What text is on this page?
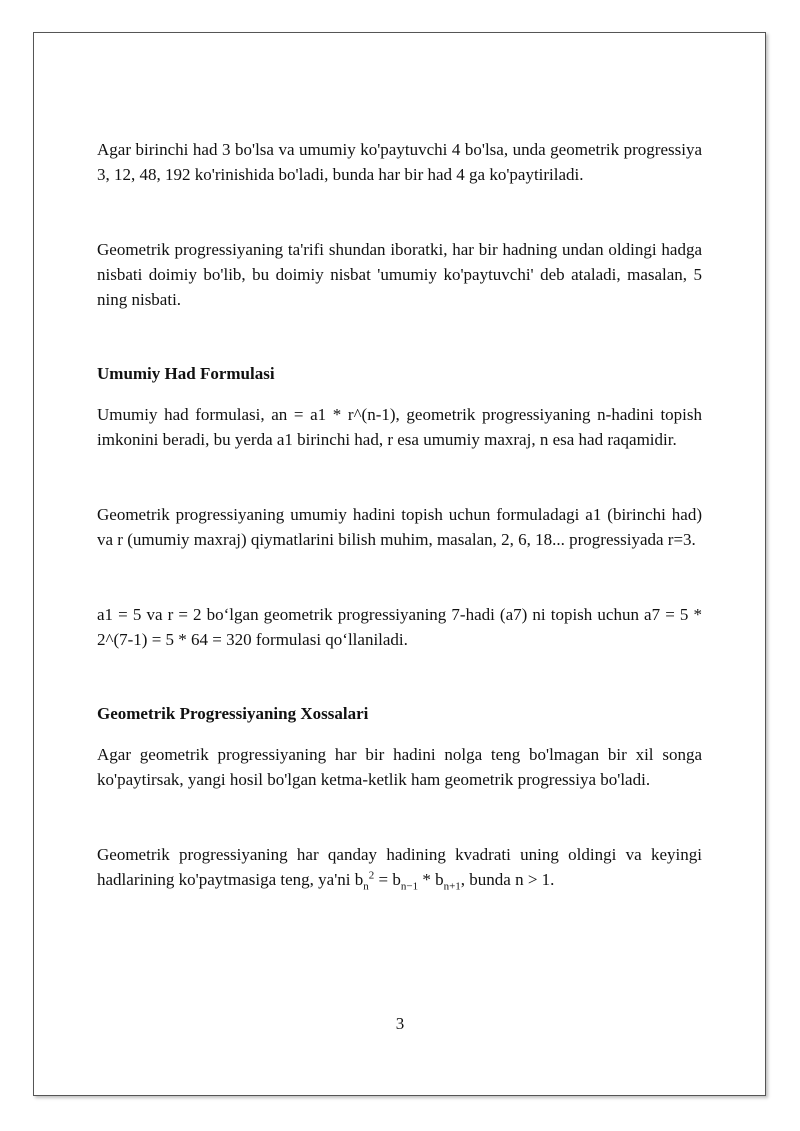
Agar birinchi had 3 bo'lsa va umumiy ko'paytuvchi 4 bo'lsa, unda geometrik progressiya 3, 12, 48, 192 ko'rinishida bo'ladi, bunda har bir had 4 ga ko'paytiriladi.

Geometrik progressiyaning ta'rifi shundan iboratki, har bir hadning undan oldingi hadga nisbati doimiy bo'lib, bu doimiy nisbat 'umumiy ko'paytuvchi' deb ataladi, masalan, 5 ning nisbati.

Umumiy Had Formulasi

Umumiy had formulasi, an = a1 * r^(n-1), geometrik progressiyaning n-hadini topish imkonini beradi, bu yerda a1 birinchi had, r esa umumiy maxraj, n esa had raqamidir.

Geometrik progressiyaning umumiy hadini topish uchun formuladagi a1 (birinchi had) va r (umumiy maxraj) qiymatlarini bilish muhim, masalan, 2, 6, 18... progressiyada r=3.

a1 = 5 va r = 2 bo‘lgan geometrik progressiyaning 7-hadi (a7) ni topish uchun a7 = 5 * 2^(7-1) = 5 * 64 = 320 formulasi qo‘llaniladi.

Geometrik Progressiyaning Xossalari

Agar geometrik progressiyaning har bir hadini nolga teng bo'lmagan bir xil songa ko'paytirsak, yangi hosil bo'lgan ketma-ketlik ham geometrik progressiya bo'ladi.

Geometrik progressiyaning har qanday hadining kvadrati uning oldingi va keyingi hadlarining ko'paytmasiga teng, ya'ni $b_n^2 = b_{n-1} * b_{n+1}$, bunda n > 1.

3
